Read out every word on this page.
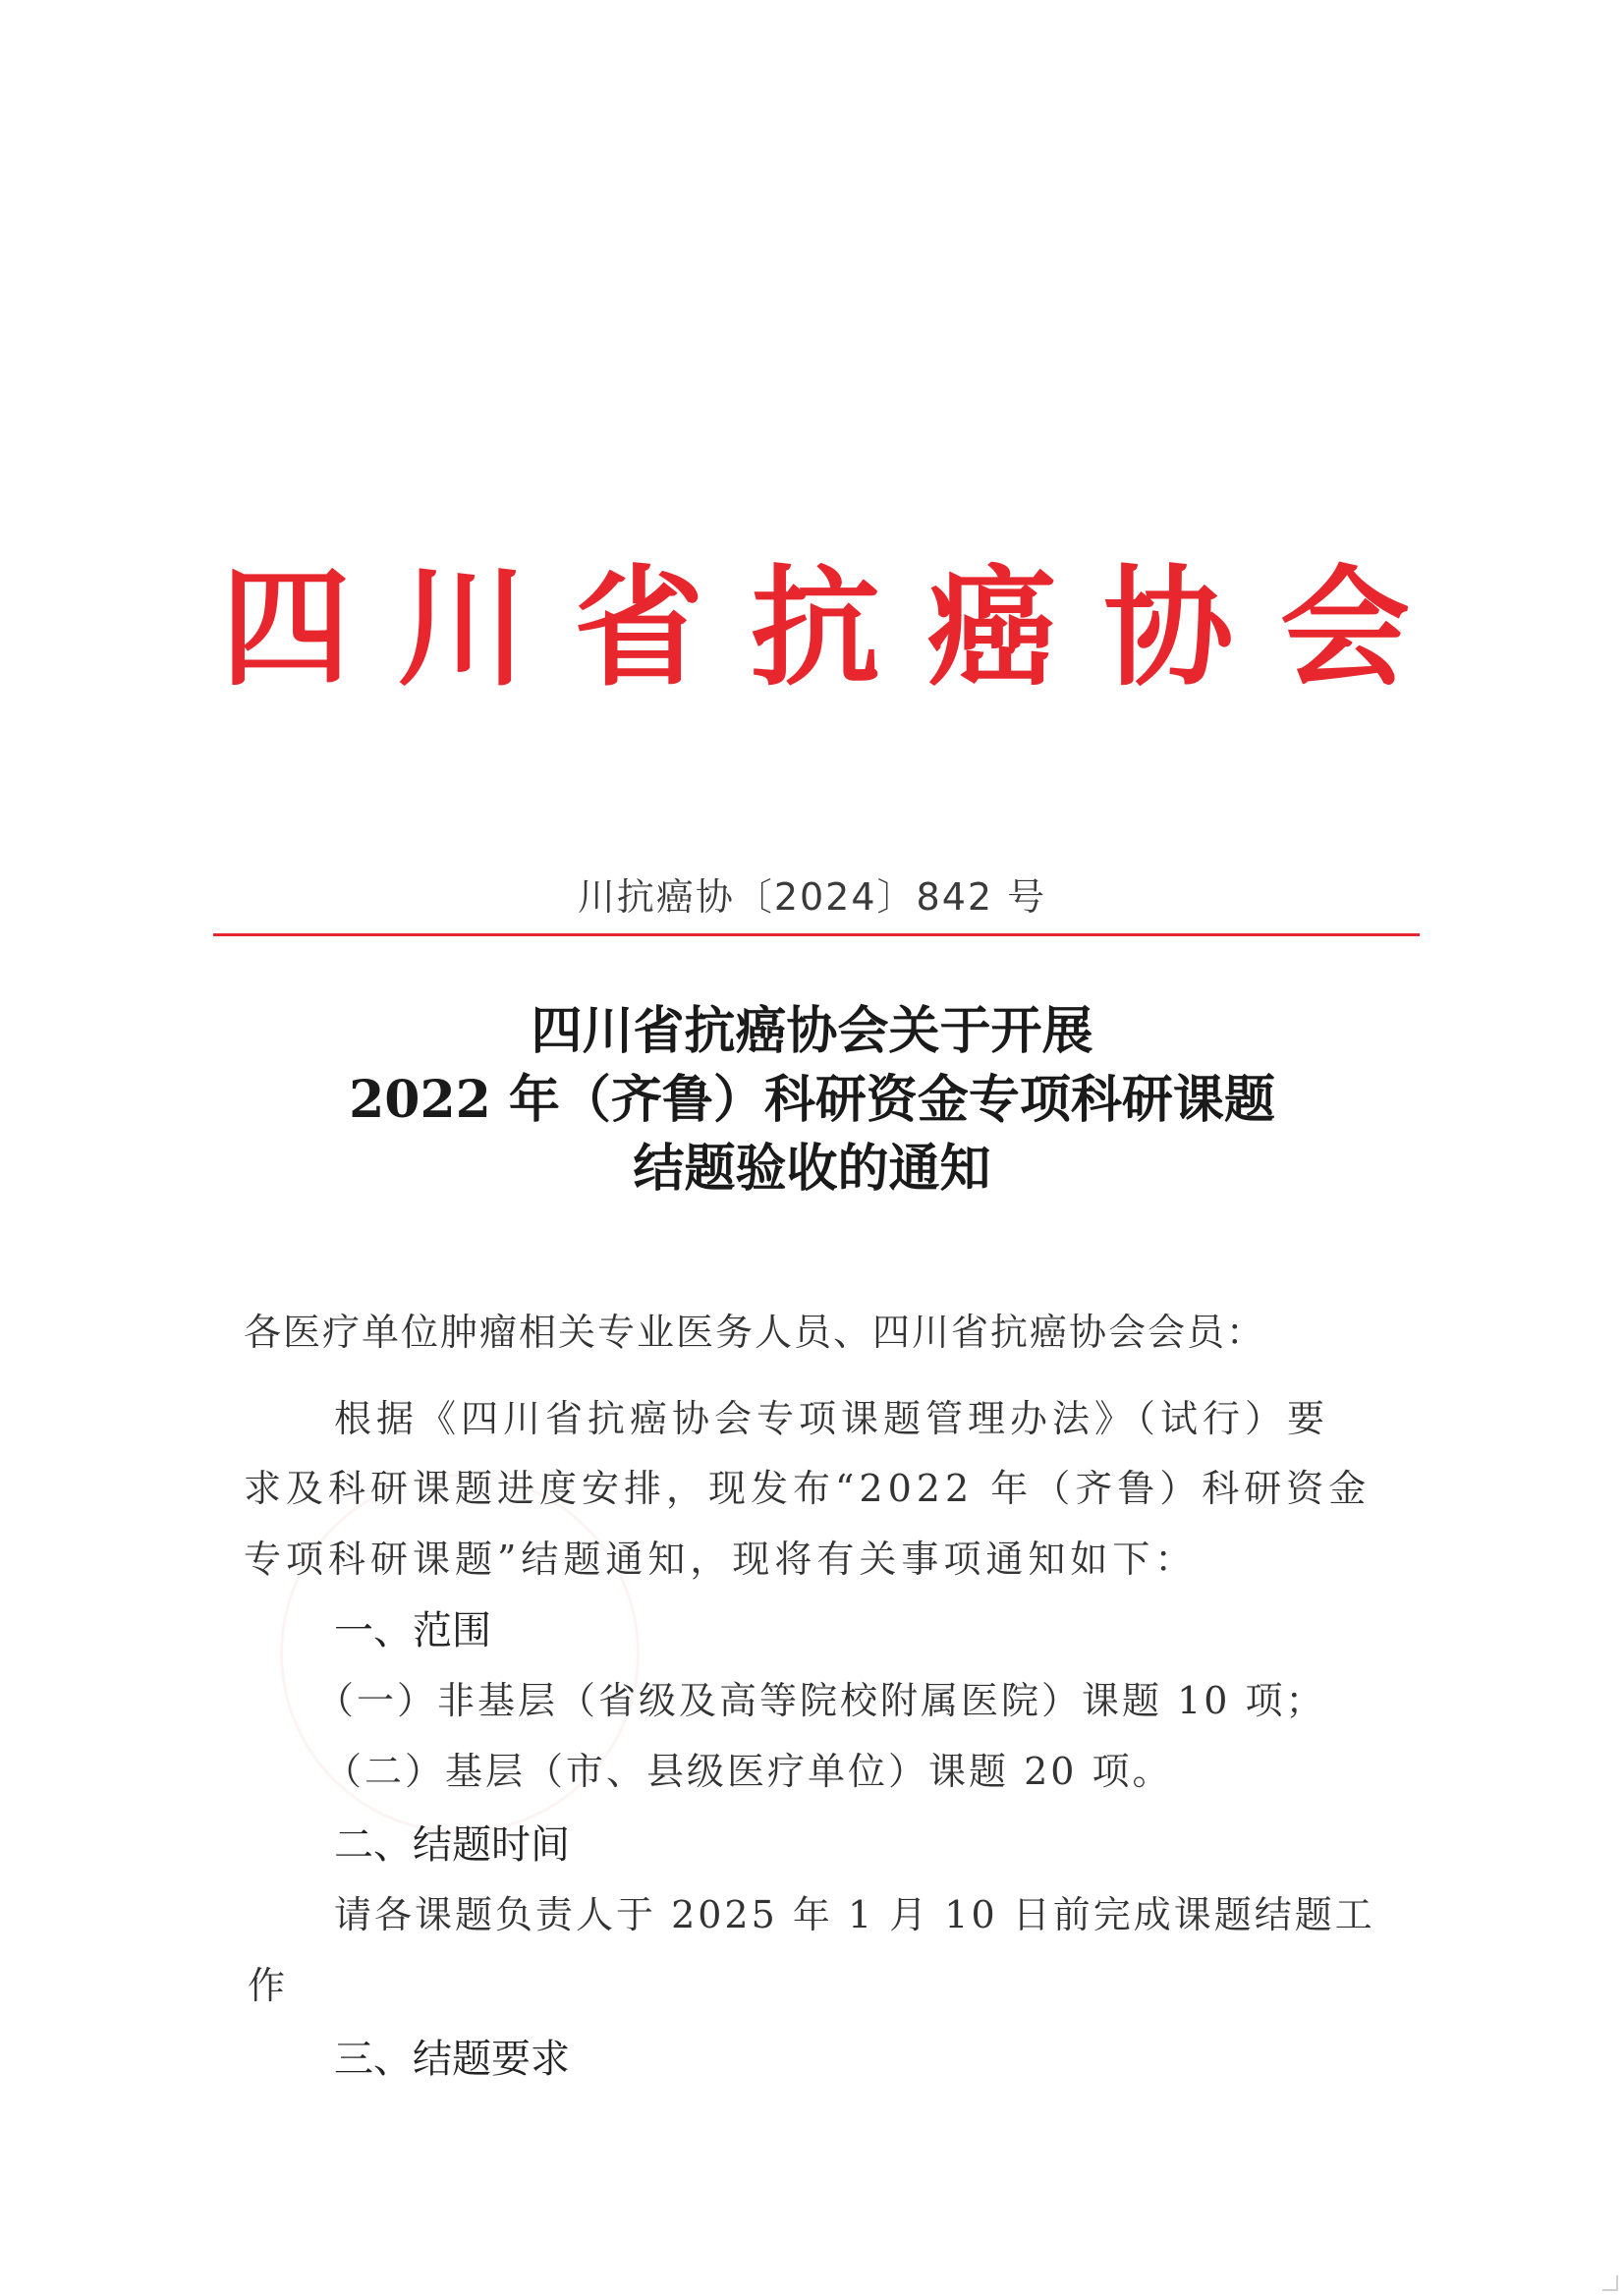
四 川 省 抗 癌 协 会
川抗癌协〔2024〕842 号
四川省抗癌协会关于开展
2022 年（齐鲁）科研资金专项科研课题
结题验收的通知
各医疗单位肿瘤相关专业医务人员、四川省抗癌协会会员：
根据《四川省抗癌协会专项课题管理办法》（试行）要
求及科研课题进度安排，现发布“2022 年（齐鲁）科研资金
专项科研课题”结题通知，现将有关事项通知如下：
一、范围
（一）非基层（省级及高等院校附属医院）课题 10 项；
（二）基层（市、县级医疗单位）课题 20 项。
二、结题时间
请各课题负责人于 2025 年 1 月 10 日前完成课题结题工
作
三、结题要求
